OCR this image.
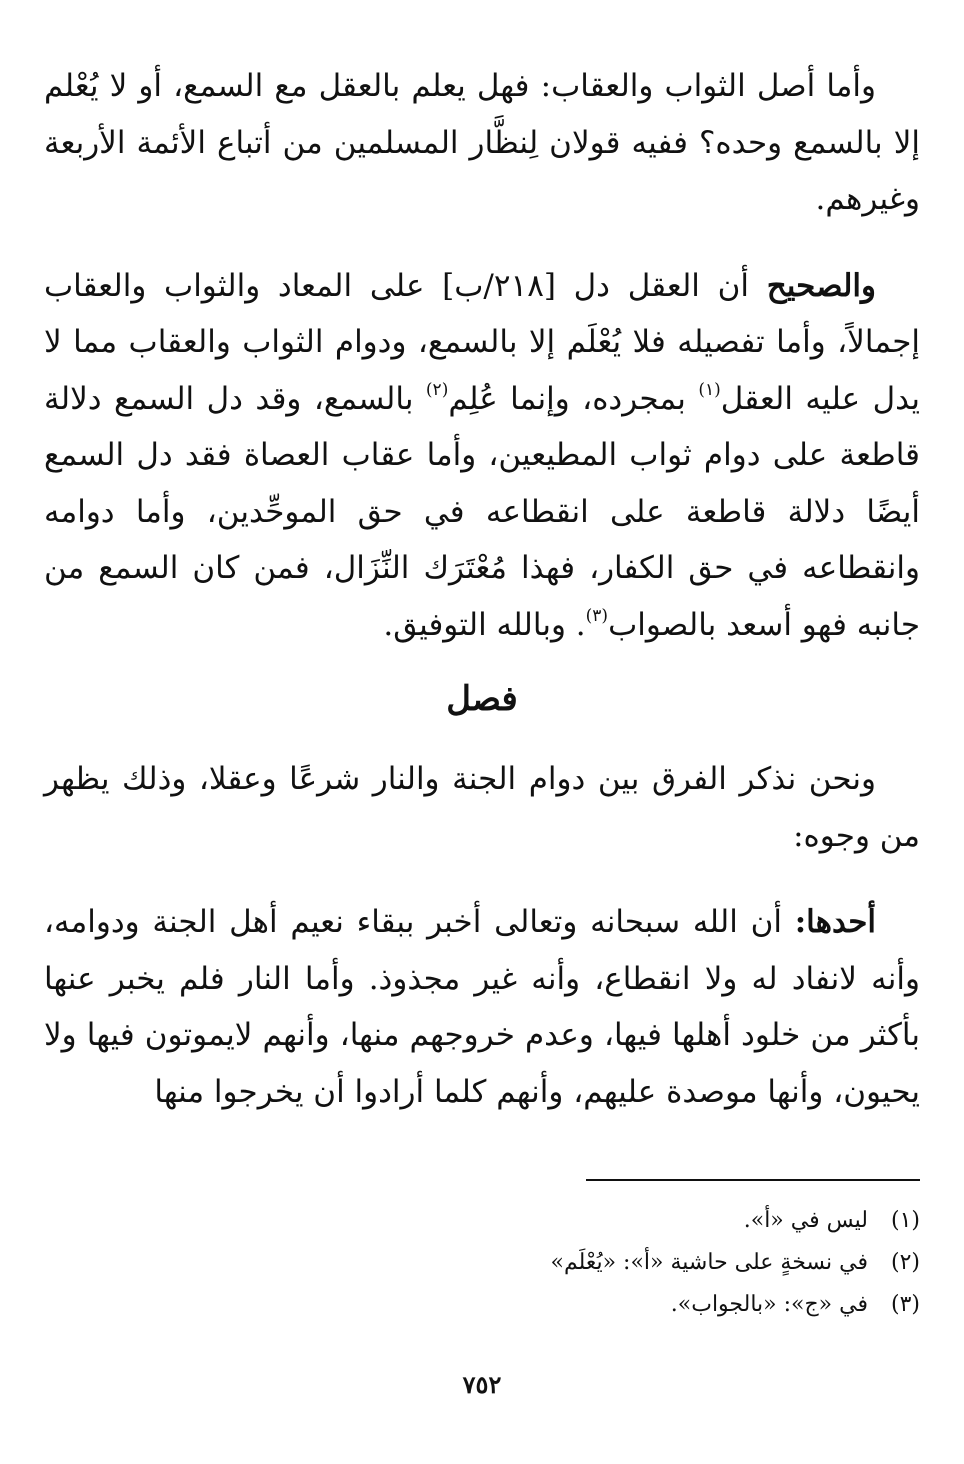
وأما أصل الثواب والعقاب: فهل يعلم بالعقل مع السمع، أو لا يُعْلم إلا بالسمع وحده؟ ففيه قولان لِنظَّار المسلمين من أتباع الأئمة الأربعة وغيرهم.

والصحيح أن العقل دل [٢١٨/ب] على المعاد والثواب والعقاب إجمالاً، وأما تفصيله فلا يُعْلَم إلا بالسمع، ودوام الثواب والعقاب مما لا يدل عليه العقل$^{(١)}$ بمجرده، وإنما عُلِم$^{(٢)}$ بالسمع، وقد دل السمع دلالة قاطعة على دوام ثواب المطيعين، وأما عقاب العصاة فقد دل السمع أيضًا دلالة قاطعة على انقطاعه في حق الموحِّدين، وأما دوامه وانقطاعه في حق الكفار، فهذا مُعْتَرَك النِّزَال، فمن كان السمع من جانبه فهو أسعد بالصواب$^{(٣)}$. وبالله التوفيق.

فصل

ونحن نذكر الفرق بين دوام الجنة والنار شرعًا وعقلا، وذلك يظهر من وجوه:

أحدها: أن الله سبحانه وتعالى أخبر ببقاء نعيم أهل الجنة ودوامه، وأنه لانفاد له ولا انقطاع، وأنه غير مجذوذ. وأما النار فلم يخبر عنها بأكثر من خلود أهلها فيها، وعدم خروجهم منها، وأنهم لايموتون فيها ولا يحيون، وأنها موصدة عليهم، وأنهم كلما أرادوا أن يخرجوا منها

(١)ليس في «أ».
(٢)في نسخةٍ على حاشية «أ»: «يُعْلَم»
(٣)في «ج»: «بالجواب».
٧٥٢
